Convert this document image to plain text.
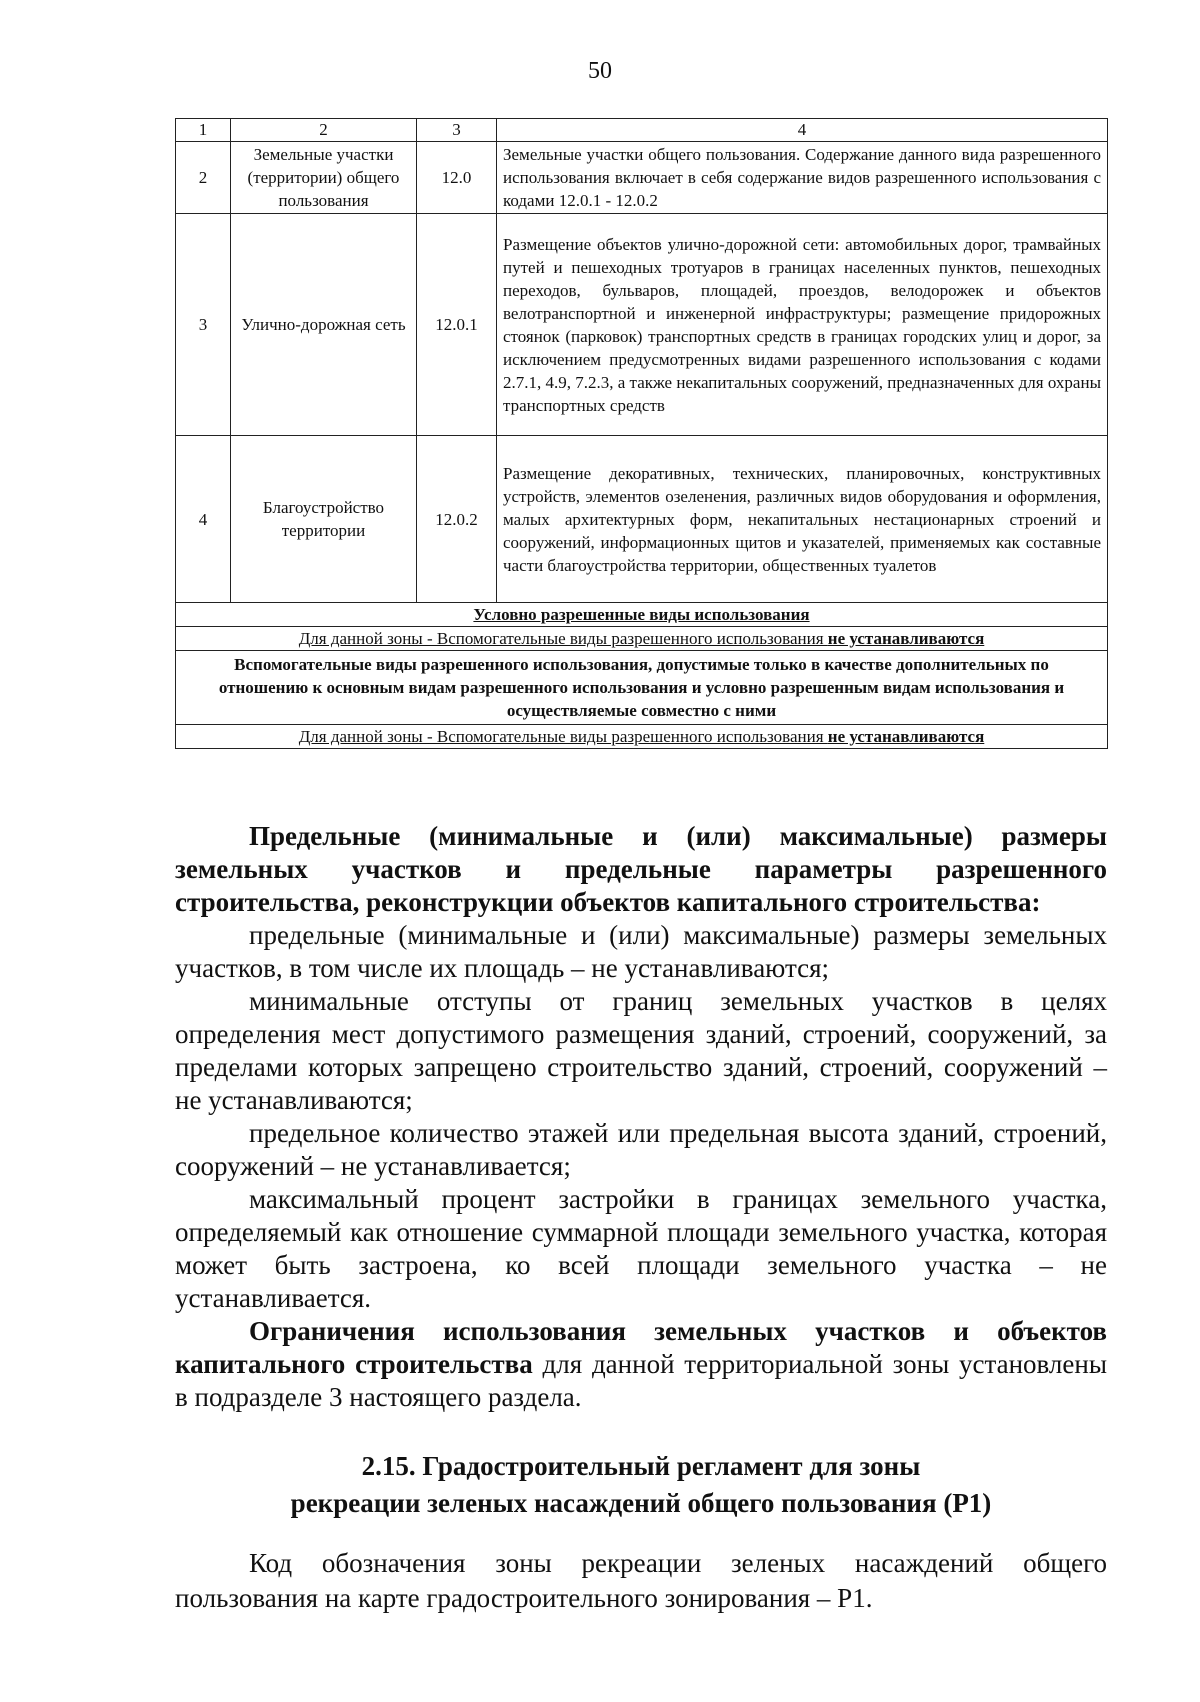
50
1	2	3	4
2	Земельные участки (территории) общего пользования	12.0	Земельные участки общего пользования. Содержание данного вида разрешенного использования включает в себя содержание видов разрешенного использования с кодами 12.0.1 - 12.0.2
3	Улично-дорожная сеть	12.0.1	Размещение объектов улично-дорожной сети: автомобильных дорог, трамвайных путей и пешеходных тротуаров в границах населенных пунктов, пешеходных переходов, бульваров, площадей, проездов, велодорожек и объектов велотранспортной и инженерной инфраструктуры; размещение придорожных стоянок (парковок) транспортных средств в границах городских улиц и дорог, за исключением предусмотренных видами разрешенного использования с кодами 2.7.1, 4.9, 7.2.3, а также некапитальных сооружений, предназначенных для охраны транспортных средств
4	Благоустройство территории	12.0.2	Размещение декоративных, технических, планировочных, конструктивных устройств, элементов озеленения, различных видов оборудования и оформления, малых архитектурных форм, некапитальных нестационарных строений и сооружений, информационных щитов и указателей, применяемых как составные части благоустройства территории, общественных туалетов
Условно разрешенные виды использования			
Для данной зоны - Вспомогательные виды разрешенного использования не устанавливаются			
Вспомогательные виды разрешенного использования, допустимые только в качестве дополнительных по отношению к основным видам разрешенного использования и условно разрешенным видам использования и осуществляемые совместно с ними			
Для данной зоны - Вспомогательные виды разрешенного использования не устанавливаются			

Предельные (минимальные и (или) максимальные) размеры земельных участков и предельные параметры разрешенного строительства, реконструкции объектов капитального строительства:

предельные (минимальные и (или) максимальные) размеры земельных участков, в том числе их площадь – не устанавливаются;

минимальные отступы от границ земельных участков в целях определения мест допустимого размещения зданий, строений, сооружений, за пределами которых запрещено строительство зданий, строений, сооружений – не устанавливаются;

предельное количество этажей или предельная высота зданий, строений, сооружений – не устанавливается;

максимальный процент застройки в границах земельного участка, определяемый как отношение суммарной площади земельного участка, которая может быть застроена, ко всей площади земельного участка – не устанавливается.

Ограничения использования земельных участков и объектов капитального строительства для данной территориальной зоны установлены в подразделе 3 настоящего раздела.

2.15. Градостроительный регламент для зоны
рекреации зеленых насаждений общего пользования (Р1)

Код обозначения зоны рекреации зеленых насаждений общего пользования на карте градостроительного зонирования – Р1.
